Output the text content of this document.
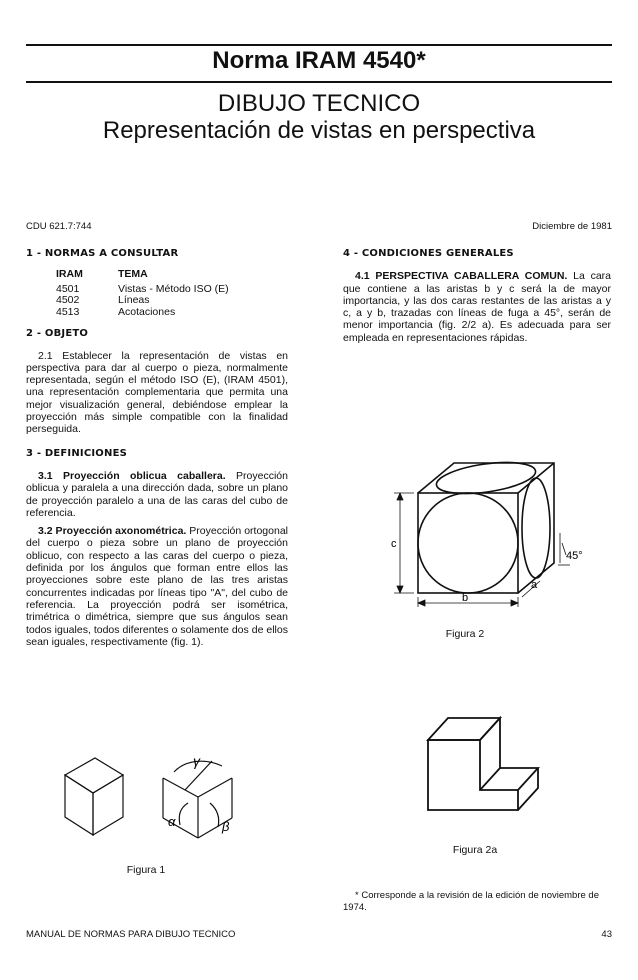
Norma IRAM 4540*
DIBUJO TECNICO
Representación de vistas en perspectiva
CDU 621.7:744	Diciembre de 1981
1 - NORMAS A CONSULTAR
IRAM	TEMA

4501	Vistas - Método ISO (E)
4502	Líneas
4513	Acotaciones
2 - OBJETO

2.1 Establecer la representación de vistas en perspectiva para dar al cuerpo o pieza, normalmente representada, según el método ISO (E), (IRAM 4501), una representación complementaria que permita una mejor visualización general, debiéndose emplear la proyección más simple compatible con la finalidad perseguida.

3 - DEFINICIONES

3.1 Proyección oblicua caballera. Proyección oblicua y paralela a una dirección dada, sobre un plano de proyección paralelo a una de las caras del cubo de referencia.

3.2 Proyección axonométrica. Proyección ortogonal del cuerpo o pieza sobre un plano de proyección oblicuo, con respecto a las caras del cuerpo o pieza, definida por los ángulos que forman entre ellos las proyecciones sobre este plano de las tres aristas concurrentes indicadas por líneas tipo "A", del cubo de referencia. La proyección podrá ser isométrica, trimétrica o dimétrica, siempre que sus ángulos sean todos iguales, todos diferentes o solamente dos de ellos sean iguales, respectivamente (fig. 1).

4 - CONDICIONES GENERALES

4.1 PERSPECTIVA CABALLERA COMUN. La cara que contiene a las aristas b y c será la de mayor importancia, y las dos caras restantes de las aristas a y c, a y b, trazadas con líneas de fuga a 45°, serán de menor importancia (fig. 2/2 a). Es adecuada para ser empleada en representaciones rápidas.

γ
α	β
Figura 1
c
b
a
45°
Figura 2
Figura 2a
* Corresponde a la revisión de la edición de noviembre de 1974.
MANUAL DE NORMAS PARA DIBUJO TECNICO	43
